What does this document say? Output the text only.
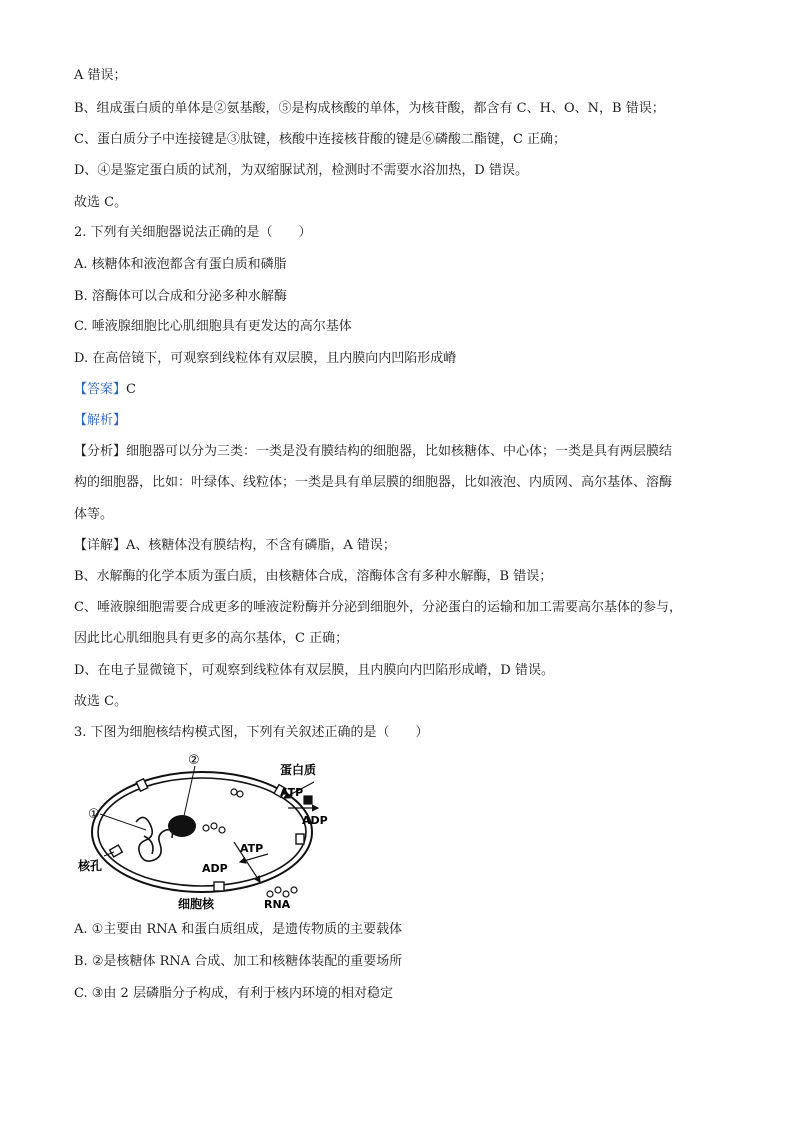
A 错误；
B、组成蛋白质的单体是②氨基酸，⑤是构成核酸的单体，为核苷酸，都含有 C、H、O、N，B 错误；
C、蛋白质分子中连接键是③肽键，核酸中连接核苷酸的键是⑥磷酸二酯键，C 正确；
D、④是鉴定蛋白质的试剂，为双缩脲试剂，检测时不需要水浴加热，D 错误。
故选 C。
2. 下列有关细胞器说法正确的是（　　）
A. 核糖体和液泡都含有蛋白质和磷脂
B. 溶酶体可以合成和分泌多种水解酶
C. 唾液腺细胞比心肌细胞具有更发达的高尔基体
D. 在高倍镜下，可观察到线粒体有双层膜，且内膜向内凹陷形成嵴
【答案】C
【解析】
【分析】细胞器可以分为三类：一类是没有膜结构的细胞器，比如核糖体、中心体；一类是具有两层膜结
构的细胞器，比如：叶绿体、线粒体；一类是具有单层膜的细胞器，比如液泡、内质网、高尔基体、溶酶
体等。
【详解】A、核糖体没有膜结构，不含有磷脂，A 错误；
B、水解酶的化学本质为蛋白质，由核糖体合成，溶酶体含有多种水解酶，B 错误；
C、唾液腺细胞需要合成更多的唾液淀粉酶并分泌到细胞外，分泌蛋白的运输和加工需要高尔基体的参与，
因此比心肌细胞具有更多的高尔基体，C 正确；
D、在电子显微镜下，可观察到线粒体有双层膜，且内膜向内凹陷形成嵴，D 错误。
故选 C。
3. 下图为细胞核结构模式图，下列有关叙述正确的是（　　）
①
②
蛋白质
ATP
ADP
ATP
ADP
核孔
细胞核	RNA
A. ①主要由 RNA 和蛋白质组成，是遗传物质的主要载体
B. ②是核糖体 RNA 合成、加工和核糖体装配的重要场所
C. ③由 2 层磷脂分子构成，有利于核内环境的相对稳定
